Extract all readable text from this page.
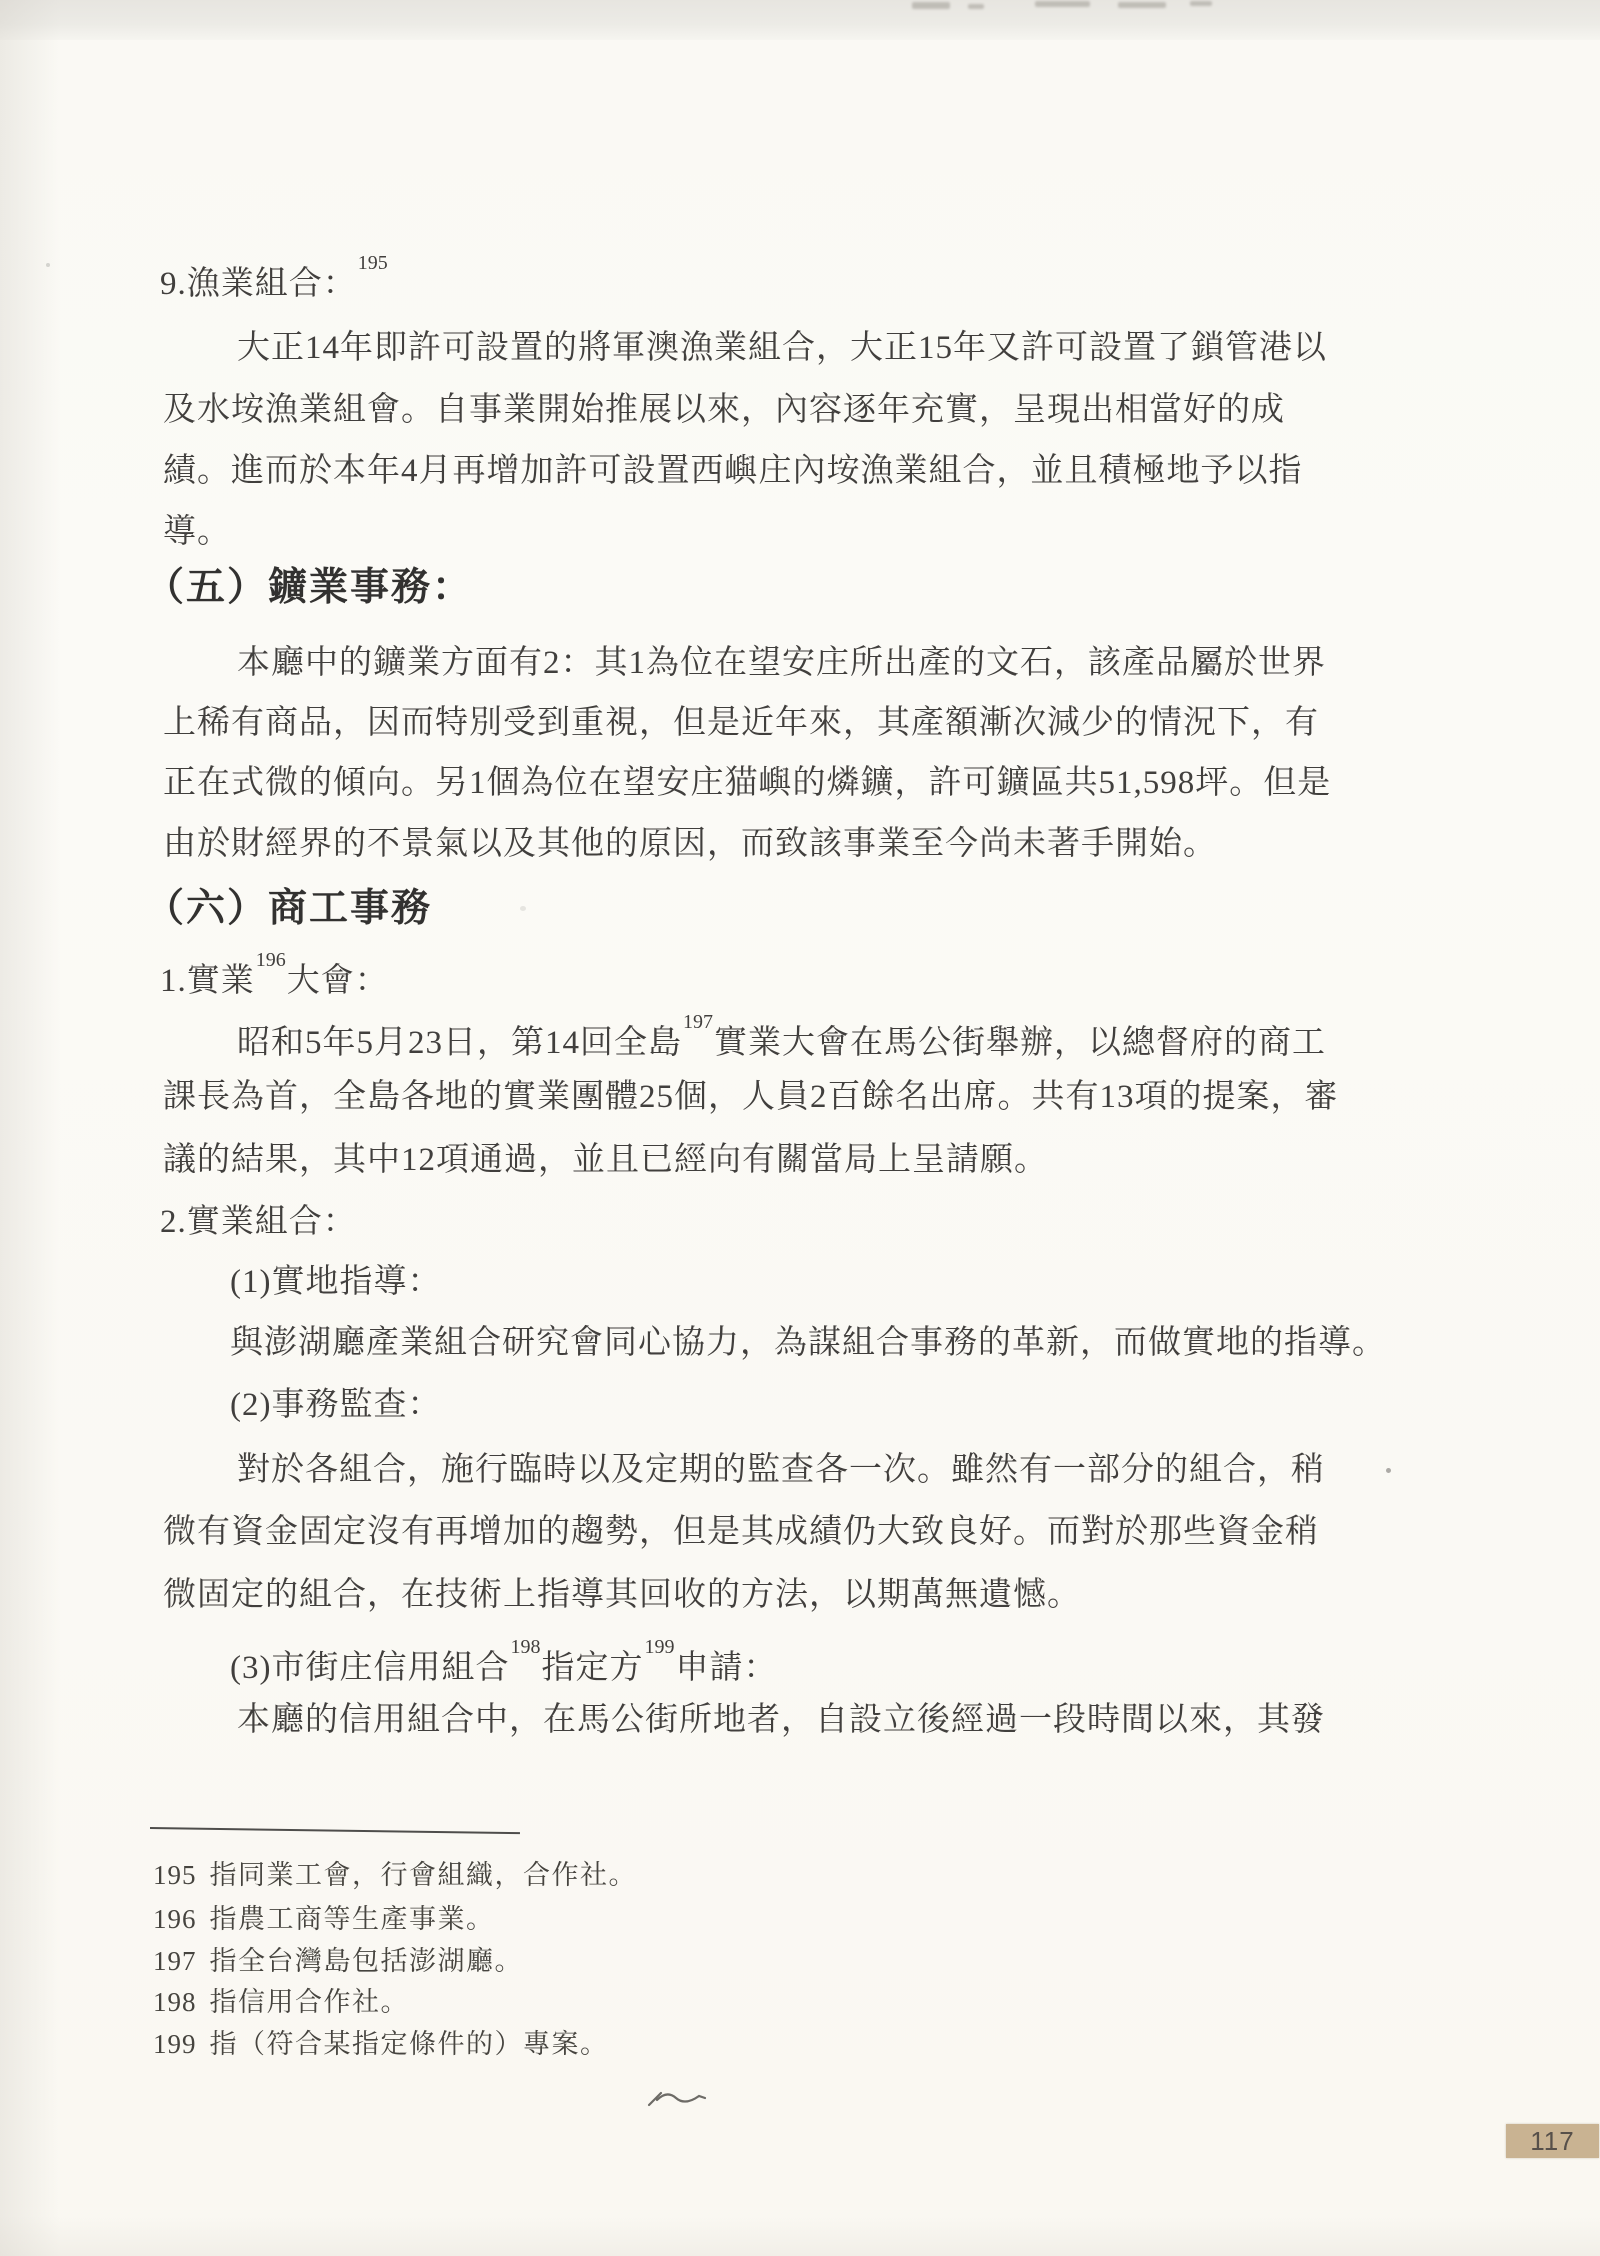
9.漁業組合：$^{195}$
大正14年即許可設置的將軍澳漁業組合，大正15年又許可設置了鎖管港以
及水垵漁業組會。自事業開始推展以來，內容逐年充實，呈現出相當好的成
績。進而於本年4月再增加許可設置西嶼庄內垵漁業組合，並且積極地予以指
導。
（五）鑛業事務：
本廳中的鑛業方面有2：其1為位在望安庄所出產的文石，該產品屬於世界
上稀有商品，因而特別受到重視，但是近年來，其產額漸次減少的情況下，有
正在式微的傾向。另1個為位在望安庄猫嶼的燐鑛，許可鑛區共51,598坪。但是
由於財經界的不景氣以及其他的原因，而致該事業至今尚未著手開始。
（六）商工事務
1.實業$^{196}$大會：
昭和5年5月23日，第14回全島$^{197}$實業大會在馬公街舉辦，以總督府的商工
課長為首，全島各地的實業團體25個，人員2百餘名出席。共有13項的提案，審
議的結果，其中12項通過，並且已經向有關當局上呈請願。
2.實業組合：
(1)實地指導：
與澎湖廳產業組合研究會同心協力，為謀組合事務的革新，而做實地的指導。
(2)事務監查：
對於各組合，施行臨時以及定期的監查各一次。雖然有一部分的組合，稍
微有資金固定沒有再增加的趨勢，但是其成績仍大致良好。而對於那些資金稍
微固定的組合，在技術上指導其回收的方法，以期萬無遺憾。
(3)市街庄信用組合$^{198}$指定方$^{199}$申請：
本廳的信用組合中，在馬公街所地者，自設立後經過一段時間以來，其發
195 指同業工會，行會組織，合作社。
196 指農工商等生產事業。
197 指全台灣島包括澎湖廳。
198 指信用合作社。
199 指（符合某指定條件的）專案。
117
